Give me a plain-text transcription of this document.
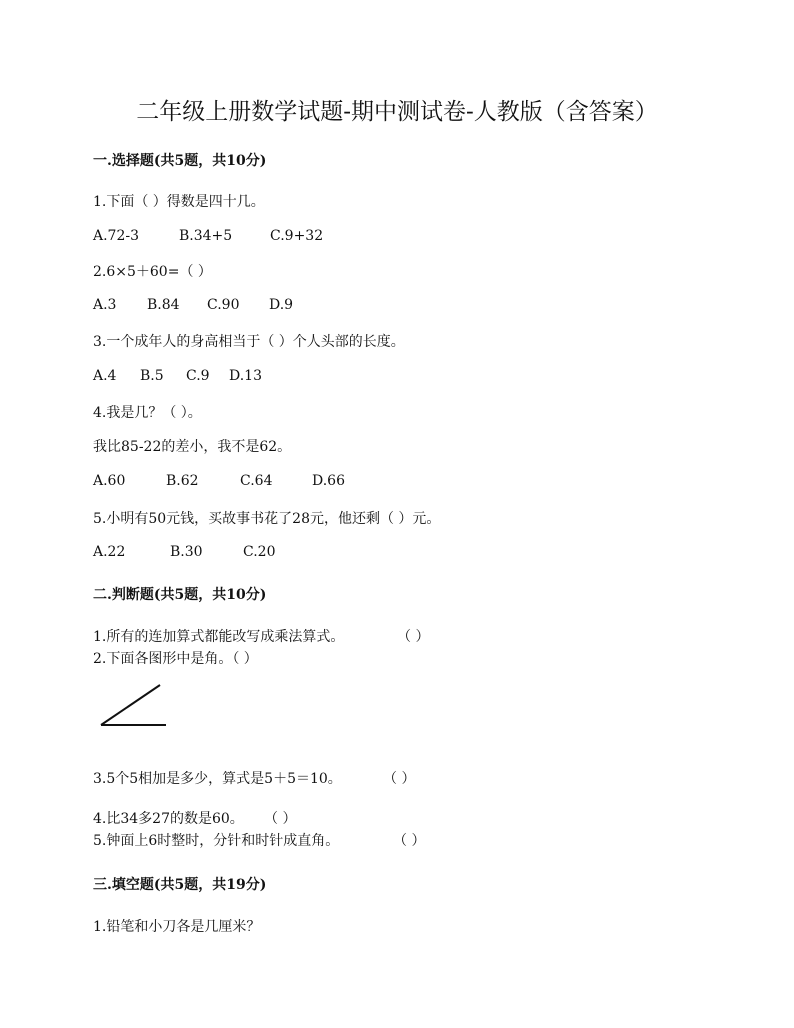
二年级上册数学试题-期中测试卷-人教版（含答案）
一.选择题(共5题，共10分)
1.下面（ ）得数是四十几。
A.72-3	B.34+5	C.9+32
2.6×5＋60=（ ）
A.3 B.84 C.90 D.9
3.一个成年人的身高相当于（ ）个人头部的长度。
A.4 B.5 C.9 D.13
4.我是几？（ ）。
我比85-22的差小，我不是62。
A.60	B.62	C.64	D.66
5.小明有50元钱，买故事书花了28元，他还剩（ ）元。
A.22	B.30	C.20
二.判断题(共5题，共10分)
1.所有的连加算式都能改写成乘法算式。	（ ）
2.下面各图形中是角。（ ）
3.5个5相加是多少，算式是5＋5＝10。	（ ）
4.比34多27的数是60。 （ ）
5.钟面上6时整时，分针和时针成直角。	（ ）
三.填空题(共5题，共19分)
1.铅笔和小刀各是几厘米？
